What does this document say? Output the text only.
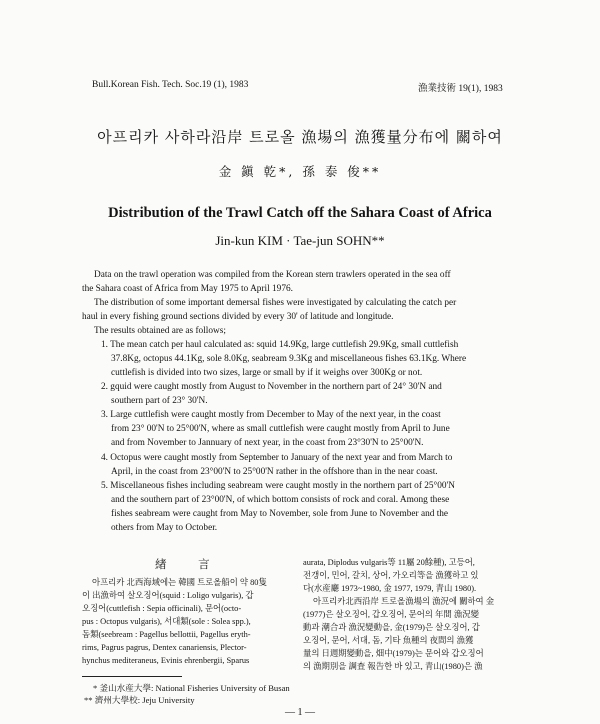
Bull.Korean Fish. Tech. Soc.19 (1), 1983	漁業技術 19(1), 1983
아프리카 사하라沿岸 트로올 漁場의 漁獲量分布에 關하여
金 鎭 乾*, 孫 泰 俊**
Distribution of the Trawl Catch off the Sahara Coast of Africa
Jin-kun KIM · Tae-jun SOHN**
Data on the trawl operation was compiled from the Korean stern trawlers operated in the sea off
the Sahara coast of Africa from May 1975 to April 1976.
The distribution of some important demersal fishes were investigated by calculating the catch per
haul in every fishing ground sections divided by every 30' of latitude and longitude.
The results obtained are as follows;
1. The mean catch per haul calculated as: squid 14.9Kg, large cuttlefish 29.9Kg, small cuttlefish
37.8Kg, octopus 44.1Kg, sole 8.0Kg, seabream 9.3Kg and miscellaneous fishes 63.1Kg. Where
cuttlefish is divided into two sizes, large or small by if it weighs over 300Kg or not.
2. gquid were caught mostly from August to November in the northern part of 24° 30'N and
southern part of 23° 30'N.
3. Large cuttlefish were caught mostly from December to May of the next year, in the coast
from 23° 00'N to 25°00'N, where as small cuttlefish were caught mostly from April to June
and from November to Jannuary of next year, in the coast from 23°30'N to 25°00'N.
4. Octopus were caught mostly from September to January of the next year and from March to
April, in the coast from 23°00'N to 25°00'N rather in the offshore than in the near coast.
5. Miscellaneous fishes including seabream were caught mostly in the northern part of 25°00'N
and the southern part of 23°00'N, of which bottom consists of rock and coral. Among these
fishes seabream were caught from May to November, sole from June to November and the
others from May to October.
緖 言
아프리카 北西海域에는 韓國 트로올船이 약 80隻
이 出漁하여 살오징어(squid : Loligo vulgaris), 갑
오징어(cuttlefish : Sepia officinali), 문어(octo-
pus : Octopus vulgaris), 서대類(sole : Solea spp.),
돔類(seebream : Pagellus bellottii, Pagellus eryth-
rims, Pagrus pagrus, Dentex canariensis, Plector-
hynchus mediteraneus, Evinis ehrenbergii, Sparus
aurata, Diplodus vulgaris等 11屬 20餘種), 고등어,
전갱이, 민어, 갈치, 상어, 가오리等을 漁獲하고 있
다(水産廳 1973~1980, 金 1977, 1979, 青山 1980).
아프리카北西沿岸 트로올漁場의 漁況에 關하여 金
(1977)은 살오징어, 갑오징어, 문어의 年間 漁況變
動과 潮合과 漁況變動을, 金(1979)은 살오징어, 갑
오징어, 문어, 서대, 돔, 기타 魚種의 夜間의 漁獲
量의 日週期變動을, 畑中(1979)는 문어와 갑오징어
의 漁期別을 調査 報告한 바 있고, 青山(1980)은 漁
* 釜山水産大學: National Fisheries University of Busan
** 濟州大學校: Jeju University
— 1 —
